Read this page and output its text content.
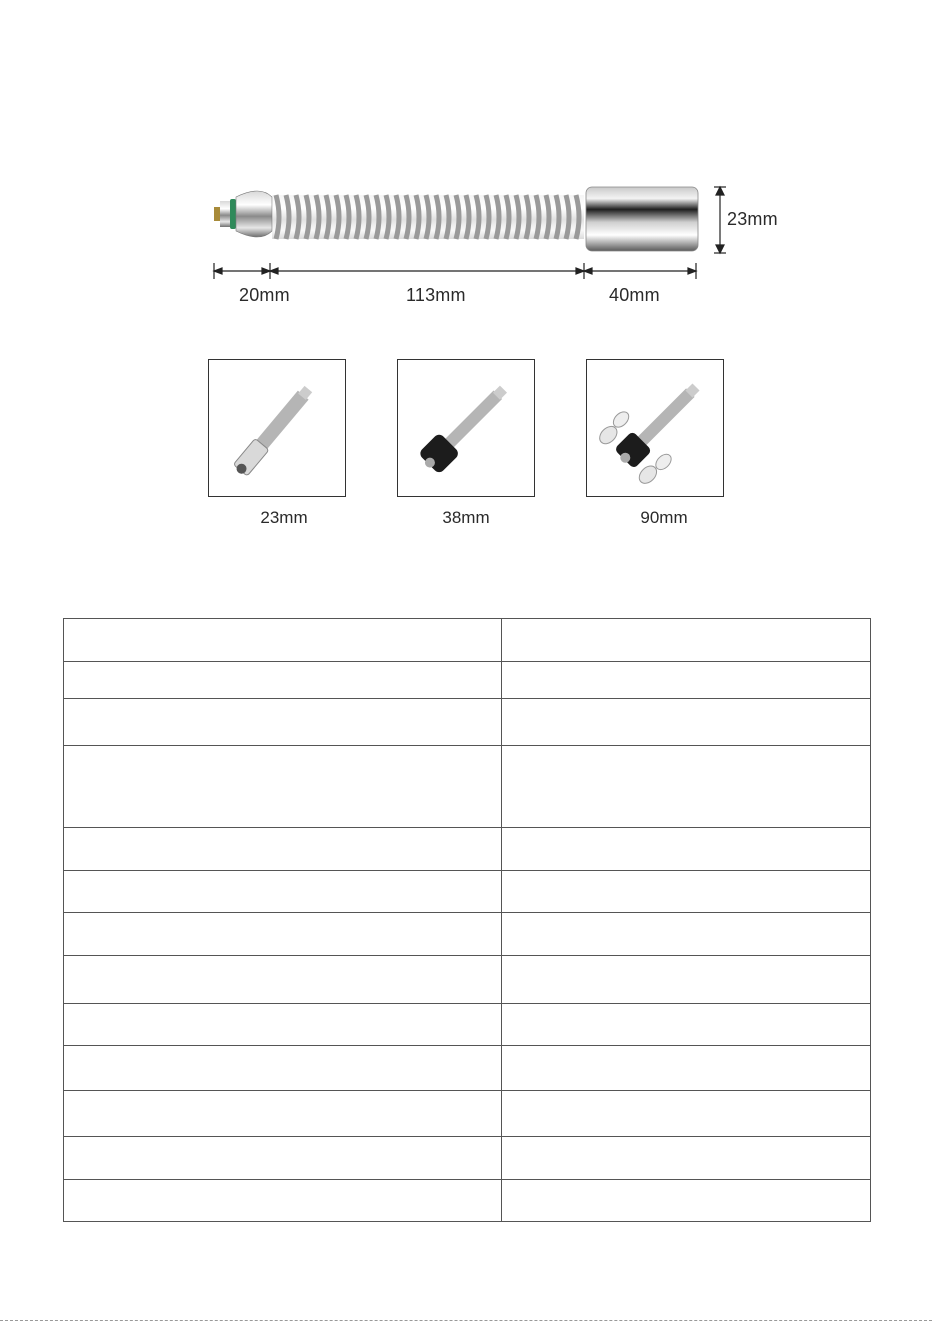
23mm
20mm	113mm	40mm
23mm	38mm	90mm
